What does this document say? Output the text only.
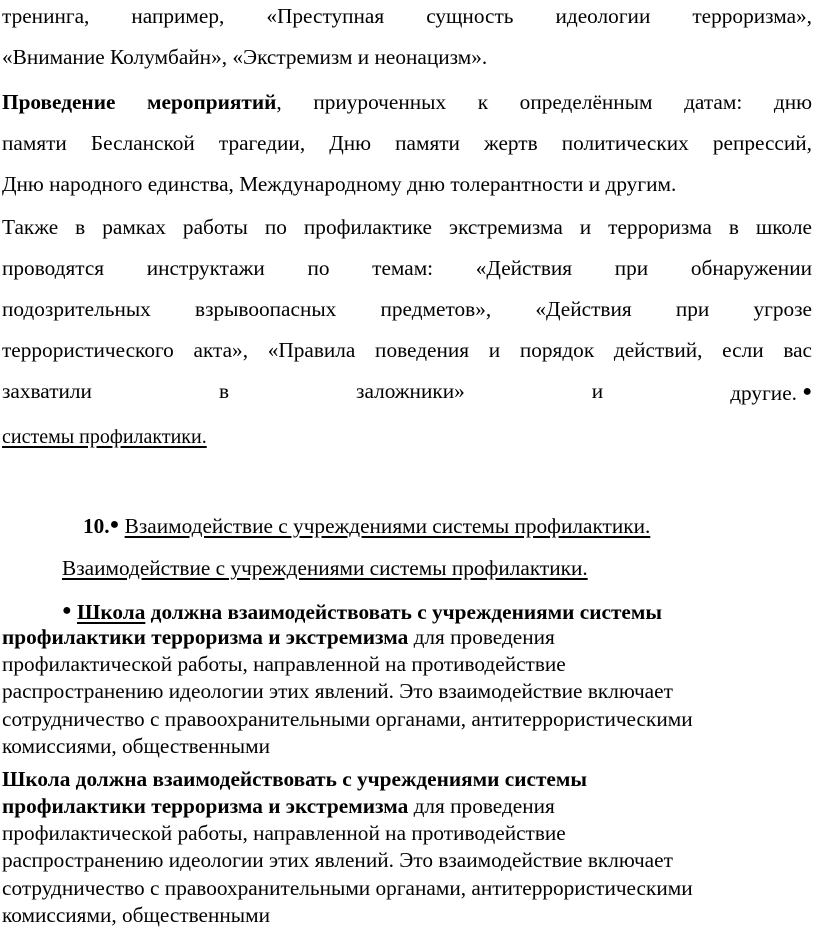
тренинга, например, «Преступная сущность идеологии терроризма»,
«Внимание Колумбайн», «Экстремизм и неонацизм».
Проведение мероприятий, приуроченных к определённым датам: дню
памяти Бесланской трагедии, Дню памяти жертв политических репрессий,
Дню народного единства, Международному дню толерантности и другим.
Также в рамках работы по профилактике экстремизма и терроризма в школе
проводятся инструктажи по темам: «Действия при обнаружении
подозрительных взрывоопасных предметов», «Действия при угрозе
террористического акта», «Правила поведения и порядок действий, если вас
захватили	в	заложники»	и	другие. ●
системы профилактики.
10.● Взаимодействие с учреждениями системы профилактики.
Взаимодействие с учреждениями системы профилактики.
● Школа должна взаимодействовать с учреждениями системы
профилактики терроризма и экстремизма для проведения
профилактической работы, направленной на противодействие
распространению идеологии этих явлений. Это взаимодействие включает
сотрудничество с правоохранительными органами, антитеррористическими
комиссиями, общественными
Школа должна взаимодействовать с учреждениями системы
профилактики терроризма и экстремизма для проведения
профилактической работы, направленной на противодействие
распространению идеологии этих явлений. Это взаимодействие включает
сотрудничество с правоохранительными органами, антитеррористическими
комиссиями, общественными
